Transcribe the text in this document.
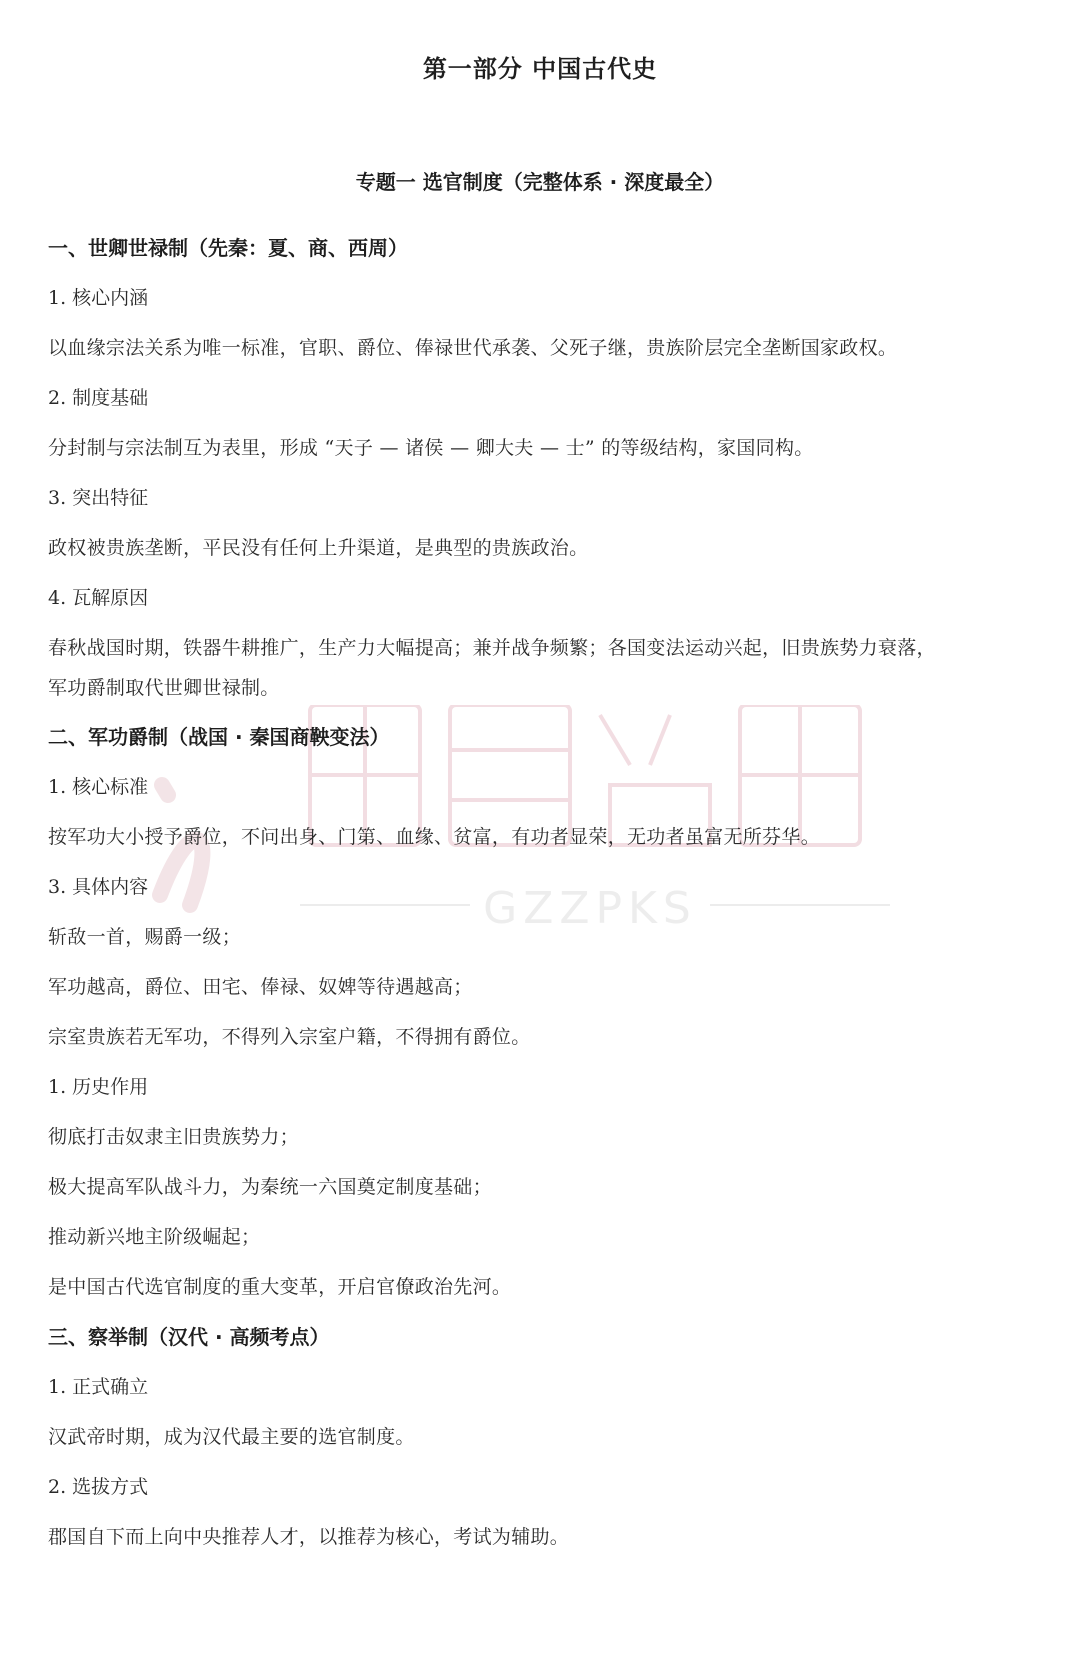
GZZPKS
第一部分 中国古代史
专题一 选官制度（完整体系 · 深度最全）
一、世卿世禄制（先秦：夏、商、西周）
1. 核心内涵
以血缘宗法关系为唯一标准，官职、爵位、俸禄世代承袭、父死子继，贵族阶层完全垄断国家政权。
2. 制度基础
分封制与宗法制互为表里，形成 “天子 — 诸侯 — 卿大夫 — 士” 的等级结构，家国同构。
3. 突出特征
政权被贵族垄断，平民没有任何上升渠道，是典型的贵族政治。
4. 瓦解原因
春秋战国时期，铁器牛耕推广，生产力大幅提高；兼并战争频繁；各国变法运动兴起，旧贵族势力衰落，
军功爵制取代世卿世禄制。
二、军功爵制（战国 · 秦国商鞅变法）
1. 核心标准
按军功大小授予爵位，不问出身、门第、血缘、贫富，有功者显荣，无功者虽富无所芬华。
3. 具体内容
斩敌一首，赐爵一级；
军功越高，爵位、田宅、俸禄、奴婢等待遇越高；
宗室贵族若无军功，不得列入宗室户籍，不得拥有爵位。
1. 历史作用
彻底打击奴隶主旧贵族势力；
极大提高军队战斗力，为秦统一六国奠定制度基础；
推动新兴地主阶级崛起；
是中国古代选官制度的重大变革，开启官僚政治先河。
三、察举制（汉代 · 高频考点）
1. 正式确立
汉武帝时期，成为汉代最主要的选官制度。
2. 选拔方式
郡国自下而上向中央推荐人才，以推荐为核心，考试为辅助。
